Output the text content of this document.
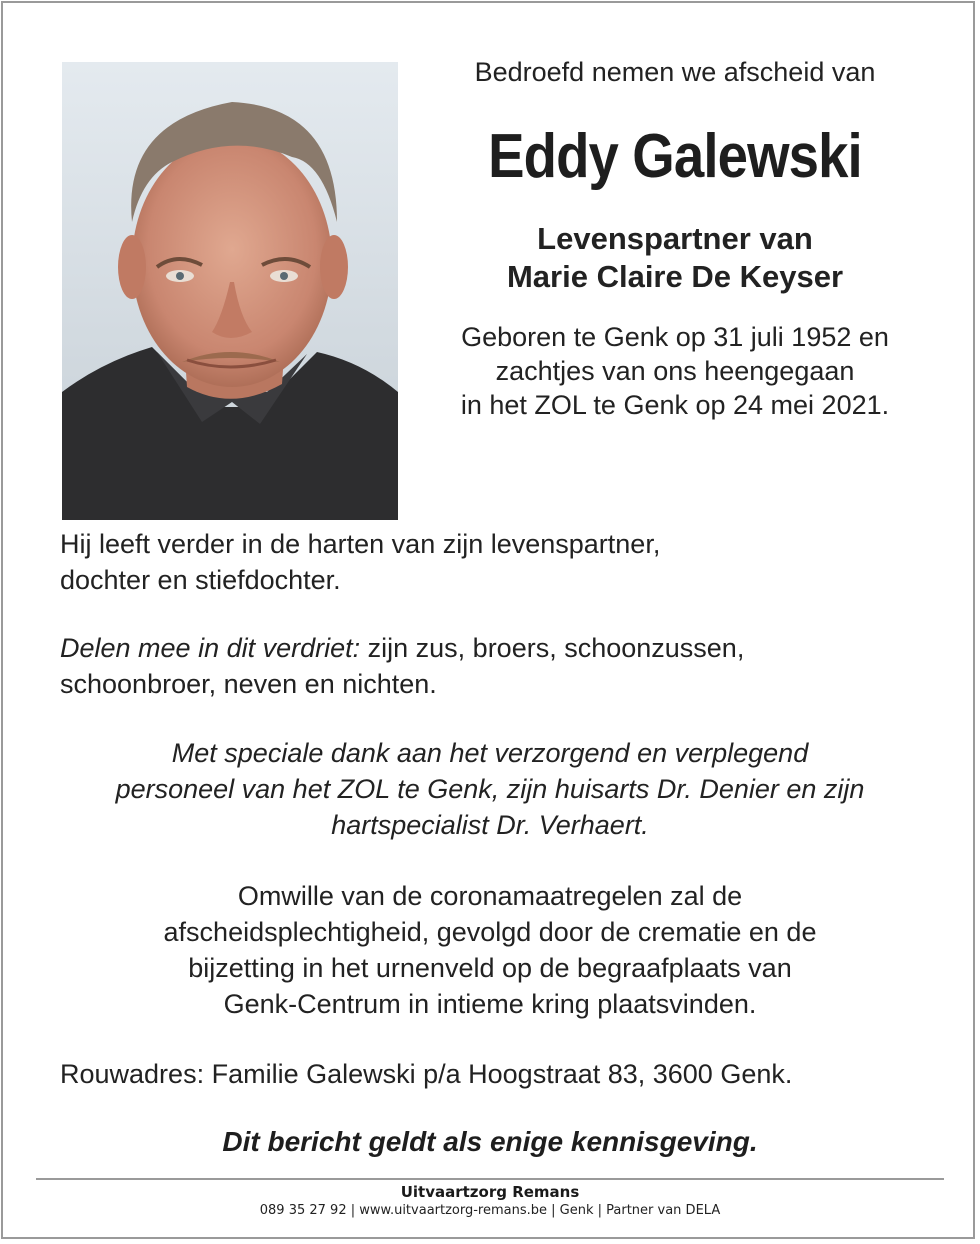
Bedroefd nemen we afscheid van
Eddy Galewski
Levenspartner van
Marie Claire De Keyser
Geboren te Genk op 31 juli 1952 en
zachtjes van ons heengegaan
in het ZOL te Genk op 24 mei 2021.
Hij leeft verder in de harten van zijn levenspartner,
dochter en stiefdochter.
Delen mee in dit verdriet: zijn zus, broers, schoonzussen,
schoonbroer, neven en nichten.
Met speciale dank aan het verzorgend en verplegend
personeel van het ZOL te Genk, zijn huisarts Dr. Denier en zijn
hartspecialist Dr. Verhaert.
Omwille van de coronamaatregelen zal de
afscheidsplechtigheid, gevolgd door de crematie en de
bijzetting in het urnenveld op de begraafplaats van
Genk-Centrum in intieme kring plaatsvinden.
Rouwadres: Familie Galewski p/a Hoogstraat 83, 3600 Genk.
Dit bericht geldt als enige kennisgeving.
Uitvaartzorg Remans
089 35 27 92 | www.uitvaartzorg-remans.be | Genk | Partner van DELA
